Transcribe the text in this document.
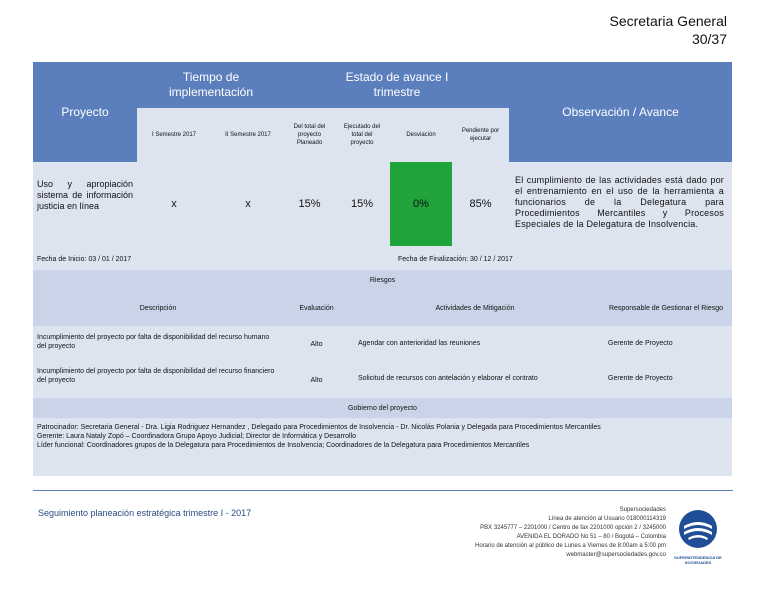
Secretaria General
30/37
Proyecto
Tiempo de implementación
Estado de avance I trimestre
Observación / Avance
I Semestre 2017	II Semestre 2017
Del total del proyecto Planeado
Ejecutado del total del proyecto
Desviación
Pendiente por ejecutar
Uso y apropiación sistema de información justicia en línea	x	x	15%	15%	0%	85%
El cumplimiento de las actividades está dado por el entrenamiento en el uso de la herramienta a funcionarios de la Delegatura para Procedimientos Mercantiles y Procesos Especiales de la Delegatura de Insolvencia.
Fecha de Inicio: 03 / 01 / 2017	Fecha de Finalización: 30 / 12 / 2017
Riesgos
Descripción	Evaluación	Actividades de Mitigación	Responsable de Gestionar el Riesgo
Incumplimiento del proyecto por falta de disponibilidad del recurso humano del proyecto	Alto	Agendar con anterioridad las reuniones	Gerente de Proyecto
Incumplimiento del proyecto por falta de disponibilidad del recurso financiero del proyecto	Alto	Solicitud de recursos con antelación y elaborar el contrato	Gerente de Proyecto
Gobierno del proyecto
Patrocinador: Secretaria General - Dra. Ligia Rodriguez Hernandez , Delegado para Procedimientos de Insolvencia - Dr. Nicolás Polania y Delegada para Procedimientos Mercantiles
Gerente: Laura Nataly Zopó – Coordinadora Grupo Apoyo Judicial; Director de Informática y Desarrollo
Líder funcional: Coordinadores grupos de la Delegatura para Procedimientos de Insolvencia; Coordinadores de la Delegatura para Procedimientos Mercantiles
Seguimiento planeación estratégica trimestre I - 2017	Supersociedades
Línea de atención al Usuario 018000114319
PBX 3245777 – 2201000 / Centro de fax 2201000 opción 2 / 3245000
AVENIDA EL DORADO No 51 – 80 / Bogotá – Colombia
Horario de atención al público de Lunes a Viernes de 8:00am a 5:00 pm
webmaster@supersociedades.gov.co	SUPERINTENDENCIA DE SOCIEDADES
